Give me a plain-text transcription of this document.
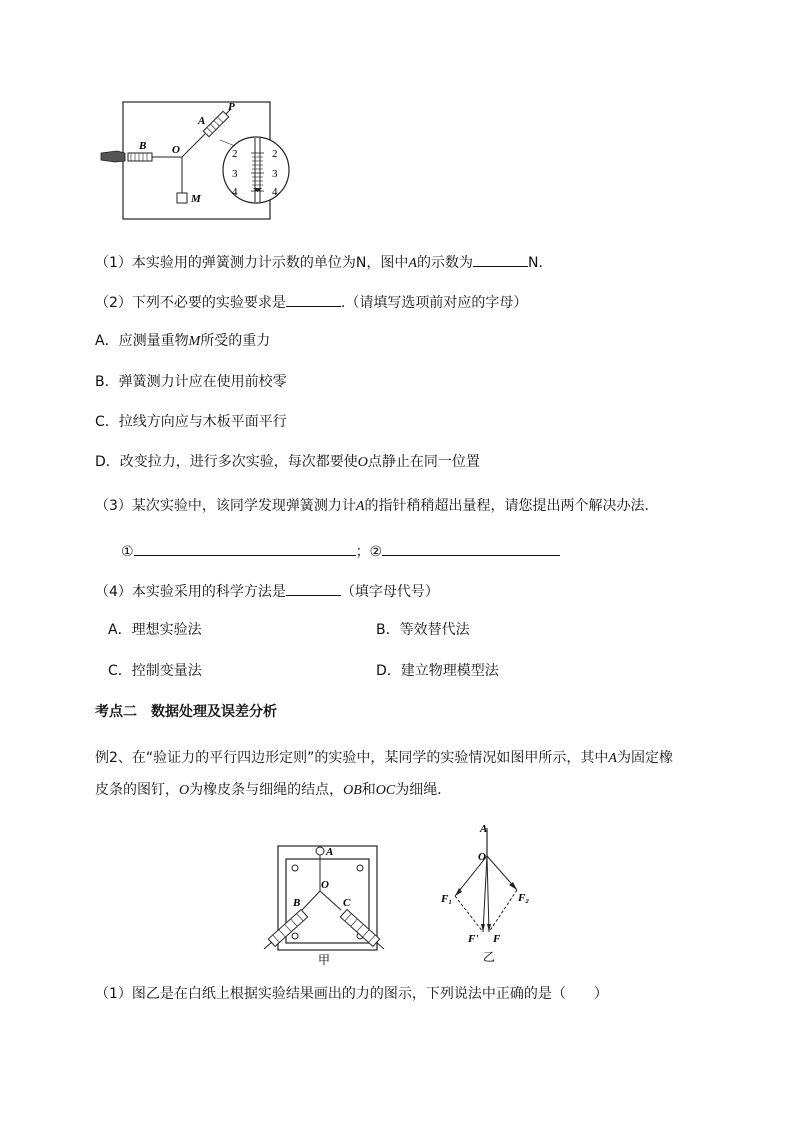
2
3
4
2
3
4
A
P
B O
M
（1）本实验用的弹簧测力计示数的单位为N，图中A的示数为	N.
（2）下列不必要的实验要求是	.（请填写选项前对应的字母）
A．应测量重物M所受的重力
B．弹簧测力计应在使用前校零
C．拉线方向应与木板平面平行
D．改变拉力，进行多次实验，每次都要使O点静止在同一位置
（3）某次实验中，该同学发现弹簧测力计A的指针稍稍超出量程，请您提出两个解决办法．
①	；②
（4）本实验采用的科学方法是	（填字母代号）
A．理想实验法	B．等效替代法
C．控制变量法	D．建立物理模型法
考点二　数据处理及误差分析
例2、在“验证力的平行四边形定则”的实验中，某同学的实验情况如图甲所示，其中A为固定橡
皮条的图钉，O为橡皮条与细绳的结点，OB和OC为细绳．
A
O
B	C
甲
A
O
F₁	F₂
F' F
乙
（1）图乙是在白纸上根据实验结果画出的力的图示，下列说法中正确的是（　　）
